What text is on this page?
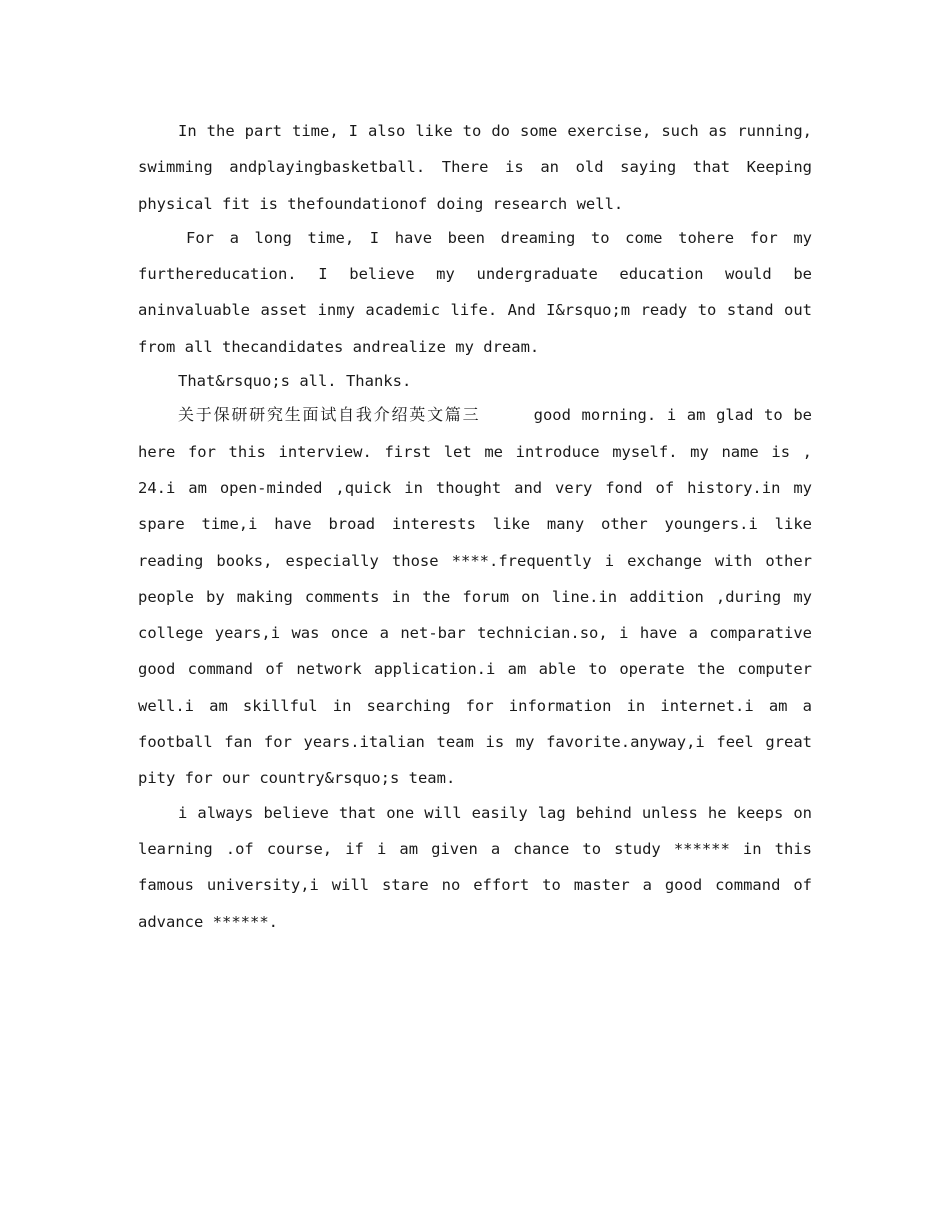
In the part time, I also like to do some exercise, such as running, swimming andplayingbasketball. There is an old saying that Keeping physical fit is thefoundationof doing research well.

For a long time, I have been dreaming to come tohere for my furthereducation. I believe my undergraduate education would be aninvaluable asset inmy academic life. And I&rsquo;m ready to stand out from all thecandidates andrealize my dream.

That&rsquo;s all. Thanks.

关于保研研究生面试自我介绍英文篇三	good morning. i am glad to be here for this interview. first let me introduce myself. my name is , 24.i am open-minded ,quick in thought and very fond of history.in my spare time,i have broad interests like many other youngers.i like reading books, especially those ****.frequently i exchange with other people by making comments in the forum on line.in addition ,during my college years,i was once a net-bar technician.so, i have a comparative good command of network application.i am able to operate the computer well.i am skillful in searching for information in internet.i am a football fan for years.italian team is my favorite.anyway,i feel great pity for our country&rsquo;s team.

i always believe that one will easily lag behind unless he keeps on learning .of course, if i am given a chance to study ****** in this famous university,i will stare no effort to master a good command of advance ******.
